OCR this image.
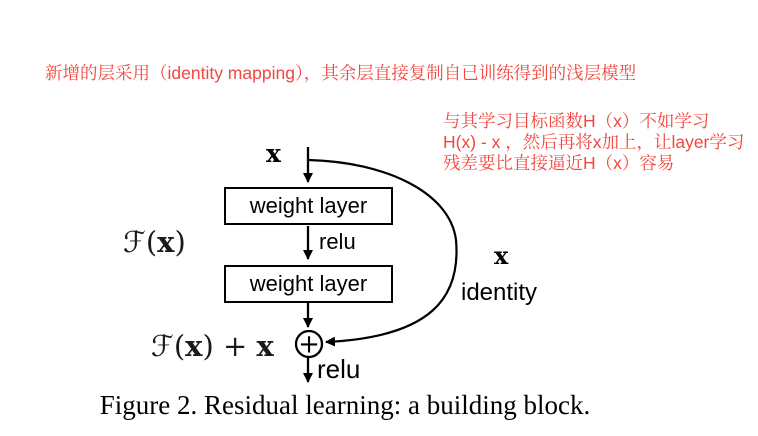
新增的层采用（identity mapping），其余层直接复制自已训练得到的浅层模型
与其学习目标函数H（x）不如学习
H(x) - x ，然后再将x加上，让layer学习
残差要比直接逼近H（x）容易
+
weight layer
weight layer
x
relu
relu
ℱ(x)
ℱ(x) + x
x
identity
Figure 2. Residual learning: a building block.
